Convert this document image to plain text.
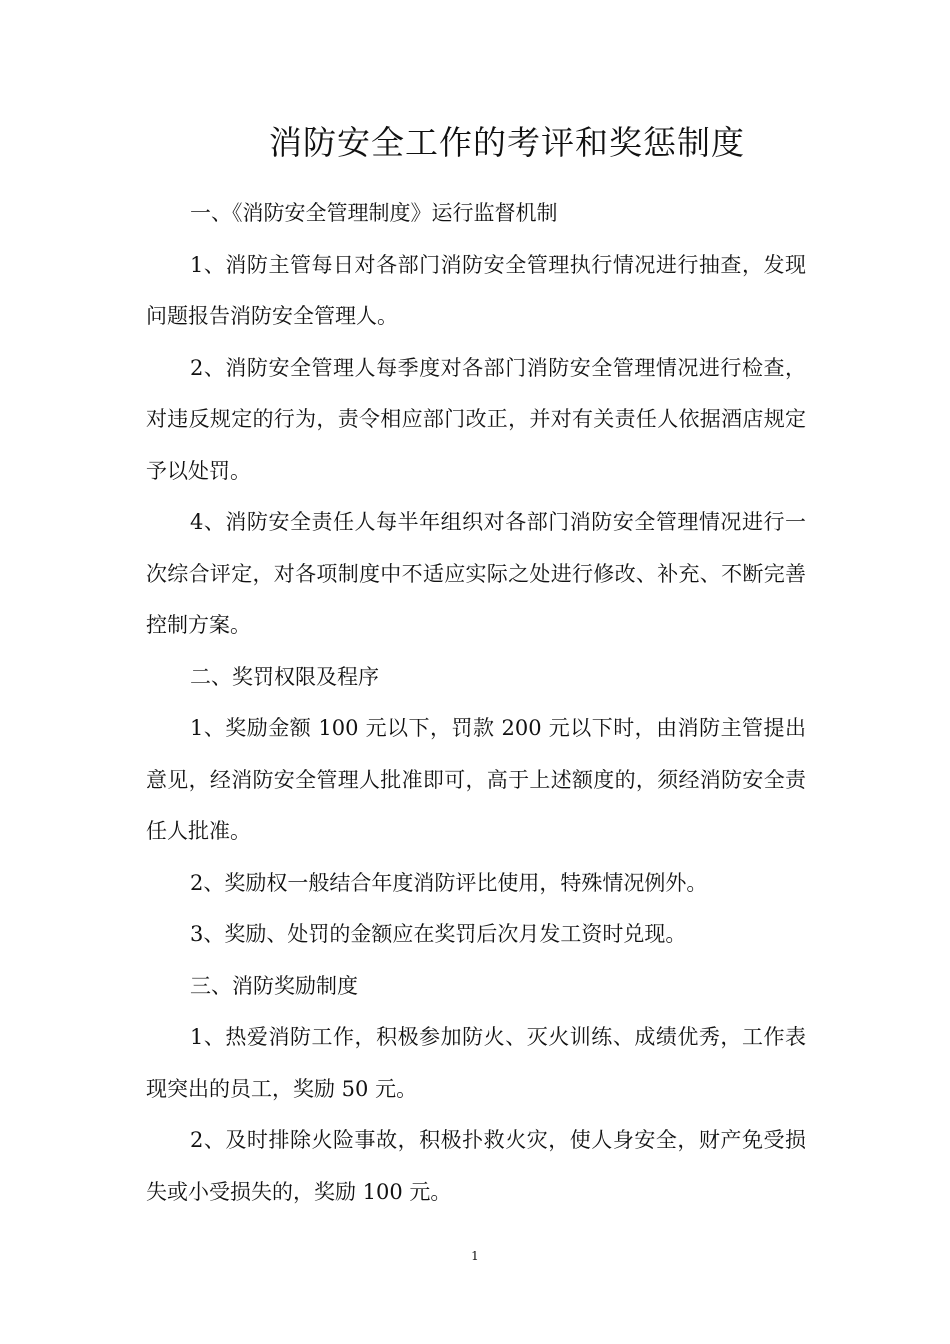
消防安全工作的考评和奖惩制度

一、《消防安全管理制度》运行监督机制

1、消防主管每日对各部门消防安全管理执行情况进行抽查，发现问题报告消防安全管理人。

2、消防安全管理人每季度对各部门消防安全管理情况进行检查，对违反规定的行为，责令相应部门改正，并对有关责任人依据酒店规定予以处罚。

4、消防安全责任人每半年组织对各部门消防安全管理情况进行一次综合评定，对各项制度中不适应实际之处进行修改、补充、不断完善控制方案。

二、奖罚权限及程序

1、奖励金额 100 元以下，罚款 200 元以下时，由消防主管提出意见，经消防安全管理人批准即可，高于上述额度的，须经消防安全责任人批准。

2、奖励权一般结合年度消防评比使用，特殊情况例外。

3、奖励、处罚的金额应在奖罚后次月发工资时兑现。

三、消防奖励制度

1、热爱消防工作，积极参加防火、灭火训练、成绩优秀，工作表现突出的员工，奖励 50 元。

2、及时排除火险事故，积极扑救火灾，使人身安全，财产免受损失或小受损失的，奖励 100 元。

1
